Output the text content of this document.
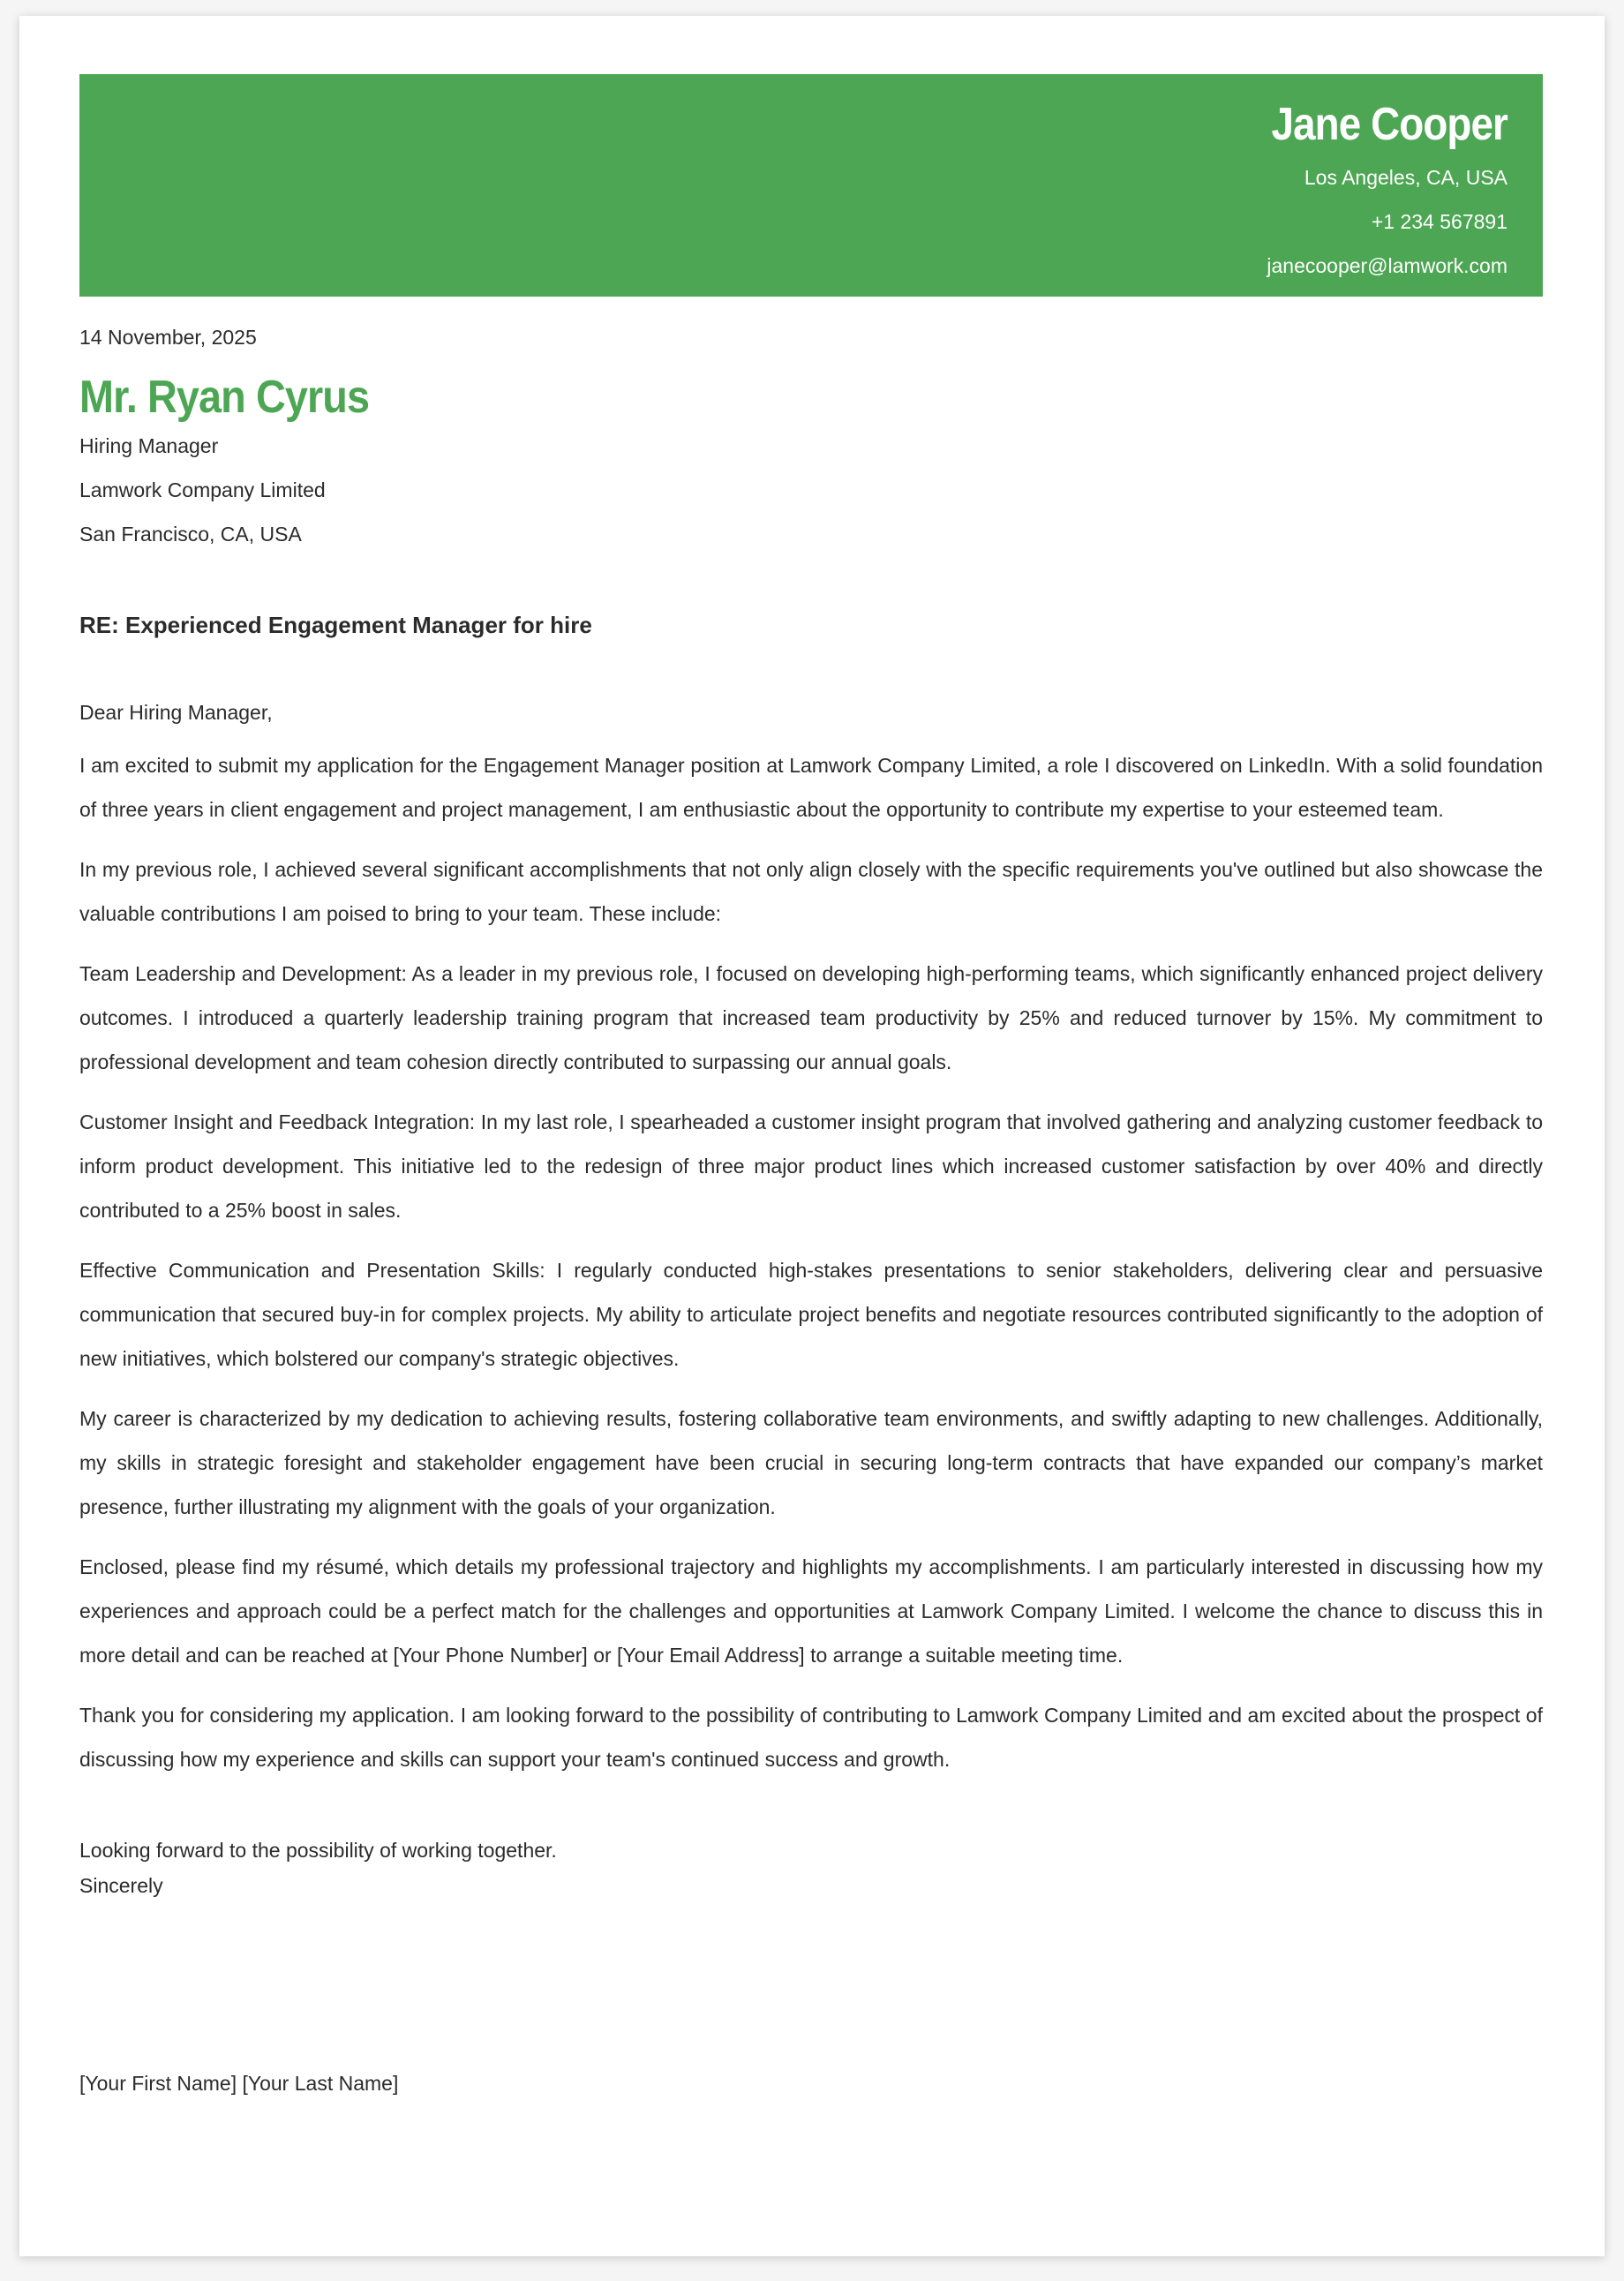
Jane Cooper
Los Angeles, CA, USA
+1 234 567891
janecooper@lamwork.com
14 November, 2025
Mr. Ryan Cyrus
Hiring Manager
Lamwork Company Limited
San Francisco, CA, USA
RE: Experienced Engagement Manager for hire
Dear Hiring Manager,

I am excited to submit my application for the Engagement Manager position at Lamwork Company Limited, a role I discovered on LinkedIn. With a solid foundation of three years in client engagement and project management, I am enthusiastic about the opportunity to contribute my expertise to your esteemed team.

In my previous role, I achieved several significant accomplishments that not only align closely with the specific requirements you've outlined but also showcase the valuable contributions I am poised to bring to your team. These include:

Team Leadership and Development: As a leader in my previous role, I focused on developing high-performing teams, which significantly enhanced project delivery outcomes. I introduced a quarterly leadership training program that increased team productivity by 25% and reduced turnover by 15%. My commitment to professional development and team cohesion directly contributed to surpassing our annual goals.

Customer Insight and Feedback Integration: In my last role, I spearheaded a customer insight program that involved gathering and analyzing customer feedback to inform product development. This initiative led to the redesign of three major product lines which increased customer satisfaction by over 40% and directly contributed to a 25% boost in sales.

Effective Communication and Presentation Skills: I regularly conducted high-stakes presentations to senior stakeholders, delivering clear and persuasive communication that secured buy-in for complex projects. My ability to articulate project benefits and negotiate resources contributed significantly to the adoption of new initiatives, which bolstered our company's strategic objectives.

My career is characterized by my dedication to achieving results, fostering collaborative team environments, and swiftly adapting to new challenges. Additionally, my skills in strategic foresight and stakeholder engagement have been crucial in securing long-term contracts that have expanded our company’s market presence, further illustrating my alignment with the goals of your organization.

Enclosed, please find my résumé, which details my professional trajectory and highlights my accomplishments. I am particularly interested in discussing how my experiences and approach could be a perfect match for the challenges and opportunities at Lamwork Company Limited. I welcome the chance to discuss this in more detail and can be reached at [Your Phone Number] or [Your Email Address] to arrange a suitable meeting time.

Thank you for considering my application. I am looking forward to the possibility of contributing to Lamwork Company Limited and am excited about the prospect of discussing how my experience and skills can support your team's continued success and growth.

Looking forward to the possibility of working together.
Sincerely
[Your First Name] [Your Last Name]
